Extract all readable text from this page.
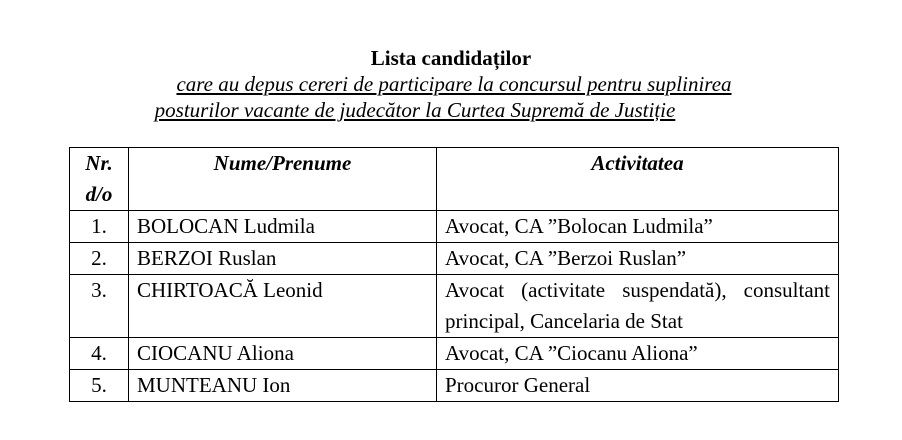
Lista candidaților
care au depus cereri de participare la concursul pentru suplinirea
posturilor vacante de judecător la Curtea Supremă de Justiție
Nr.
d/o	Nume/Prenume	Activitatea
1.	BOLOCAN Ludmila	Avocat, CA ”Bolocan Ludmila”
2.	BERZOI Ruslan	Avocat, CA ”Berzoi Ruslan”
3.	CHIRTOACĂ Leonid	Avocat (activitate suspendată), consultant principal, Cancelaria de Stat
4.	CIOCANU Aliona	Avocat, CA ”Ciocanu Aliona”
5.	MUNTEANU Ion	Procuror General
